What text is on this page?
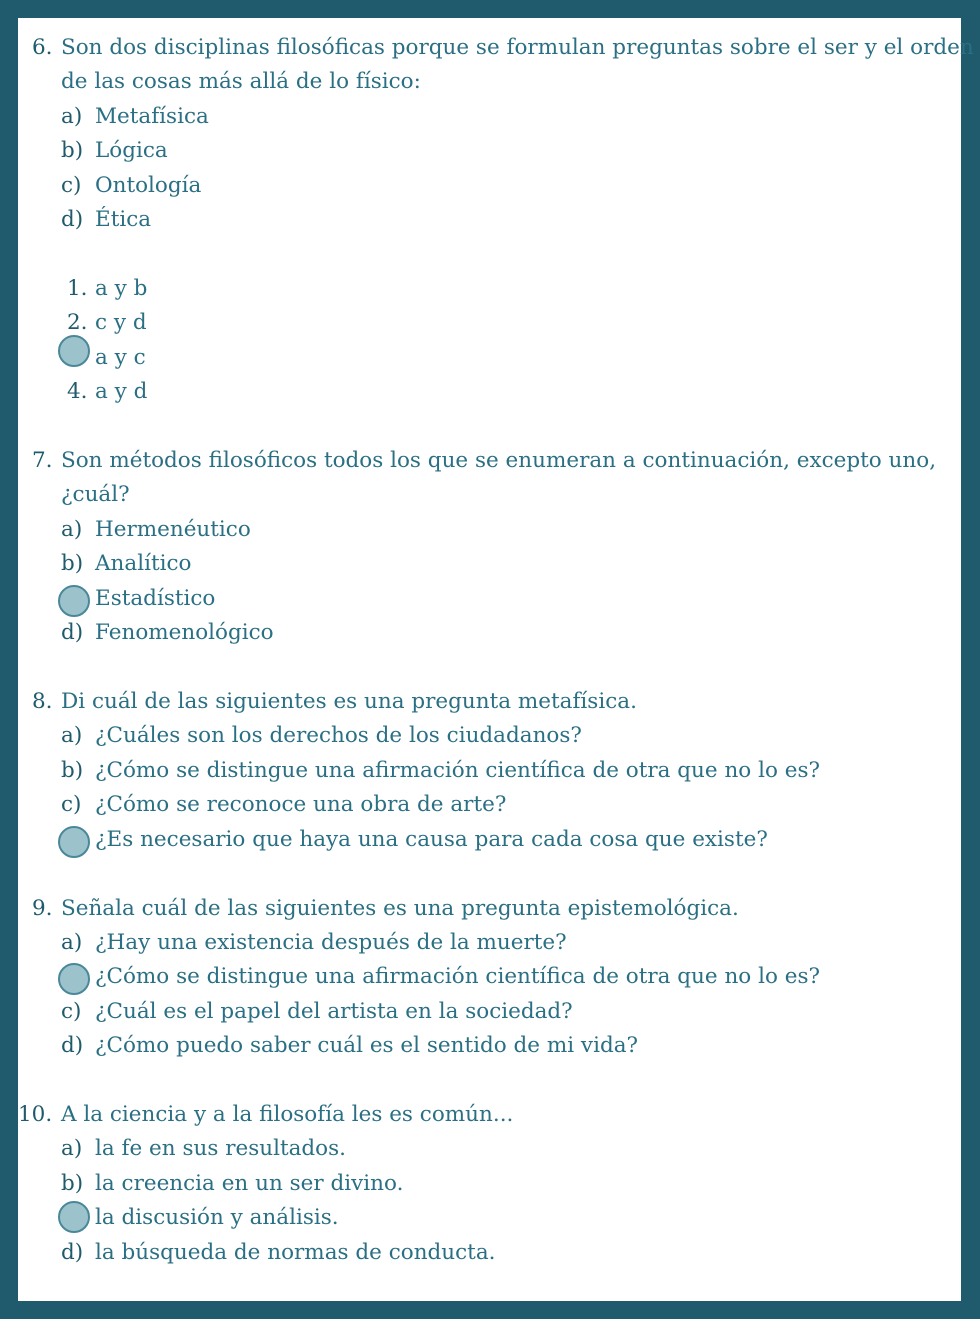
6. Son dos disciplinas filosóficas porque se formulan preguntas sobre el ser y el orden
de las cosas más allá de lo físico:
a) Metafísica
b) Lógica
c) Ontología
d) Ética
1. a y b
2. c y d
a y c
4. a y d
7. Son métodos filosóficos todos los que se enumeran a continuación, excepto uno,
¿cuál?
a) Hermenéutico
b) Analítico
Estadístico
d) Fenomenológico
8. Di cuál de las siguientes es una pregunta metafísica.
a) ¿Cuáles son los derechos de los ciudadanos?
b) ¿Cómo se distingue una afirmación científica de otra que no lo es?
c) ¿Cómo se reconoce una obra de arte?
¿Es necesario que haya una causa para cada cosa que existe?
9. Señala cuál de las siguientes es una pregunta epistemológica.
a) ¿Hay una existencia después de la muerte?
¿Cómo se distingue una afirmación científica de otra que no lo es?
c) ¿Cuál es el papel del artista en la sociedad?
d) ¿Cómo puedo saber cuál es el sentido de mi vida?
10. A la ciencia y a la filosofía les es común...
a) la fe en sus resultados.
b) la creencia en un ser divino.
la discusión y análisis.
d) la búsqueda de normas de conducta.
